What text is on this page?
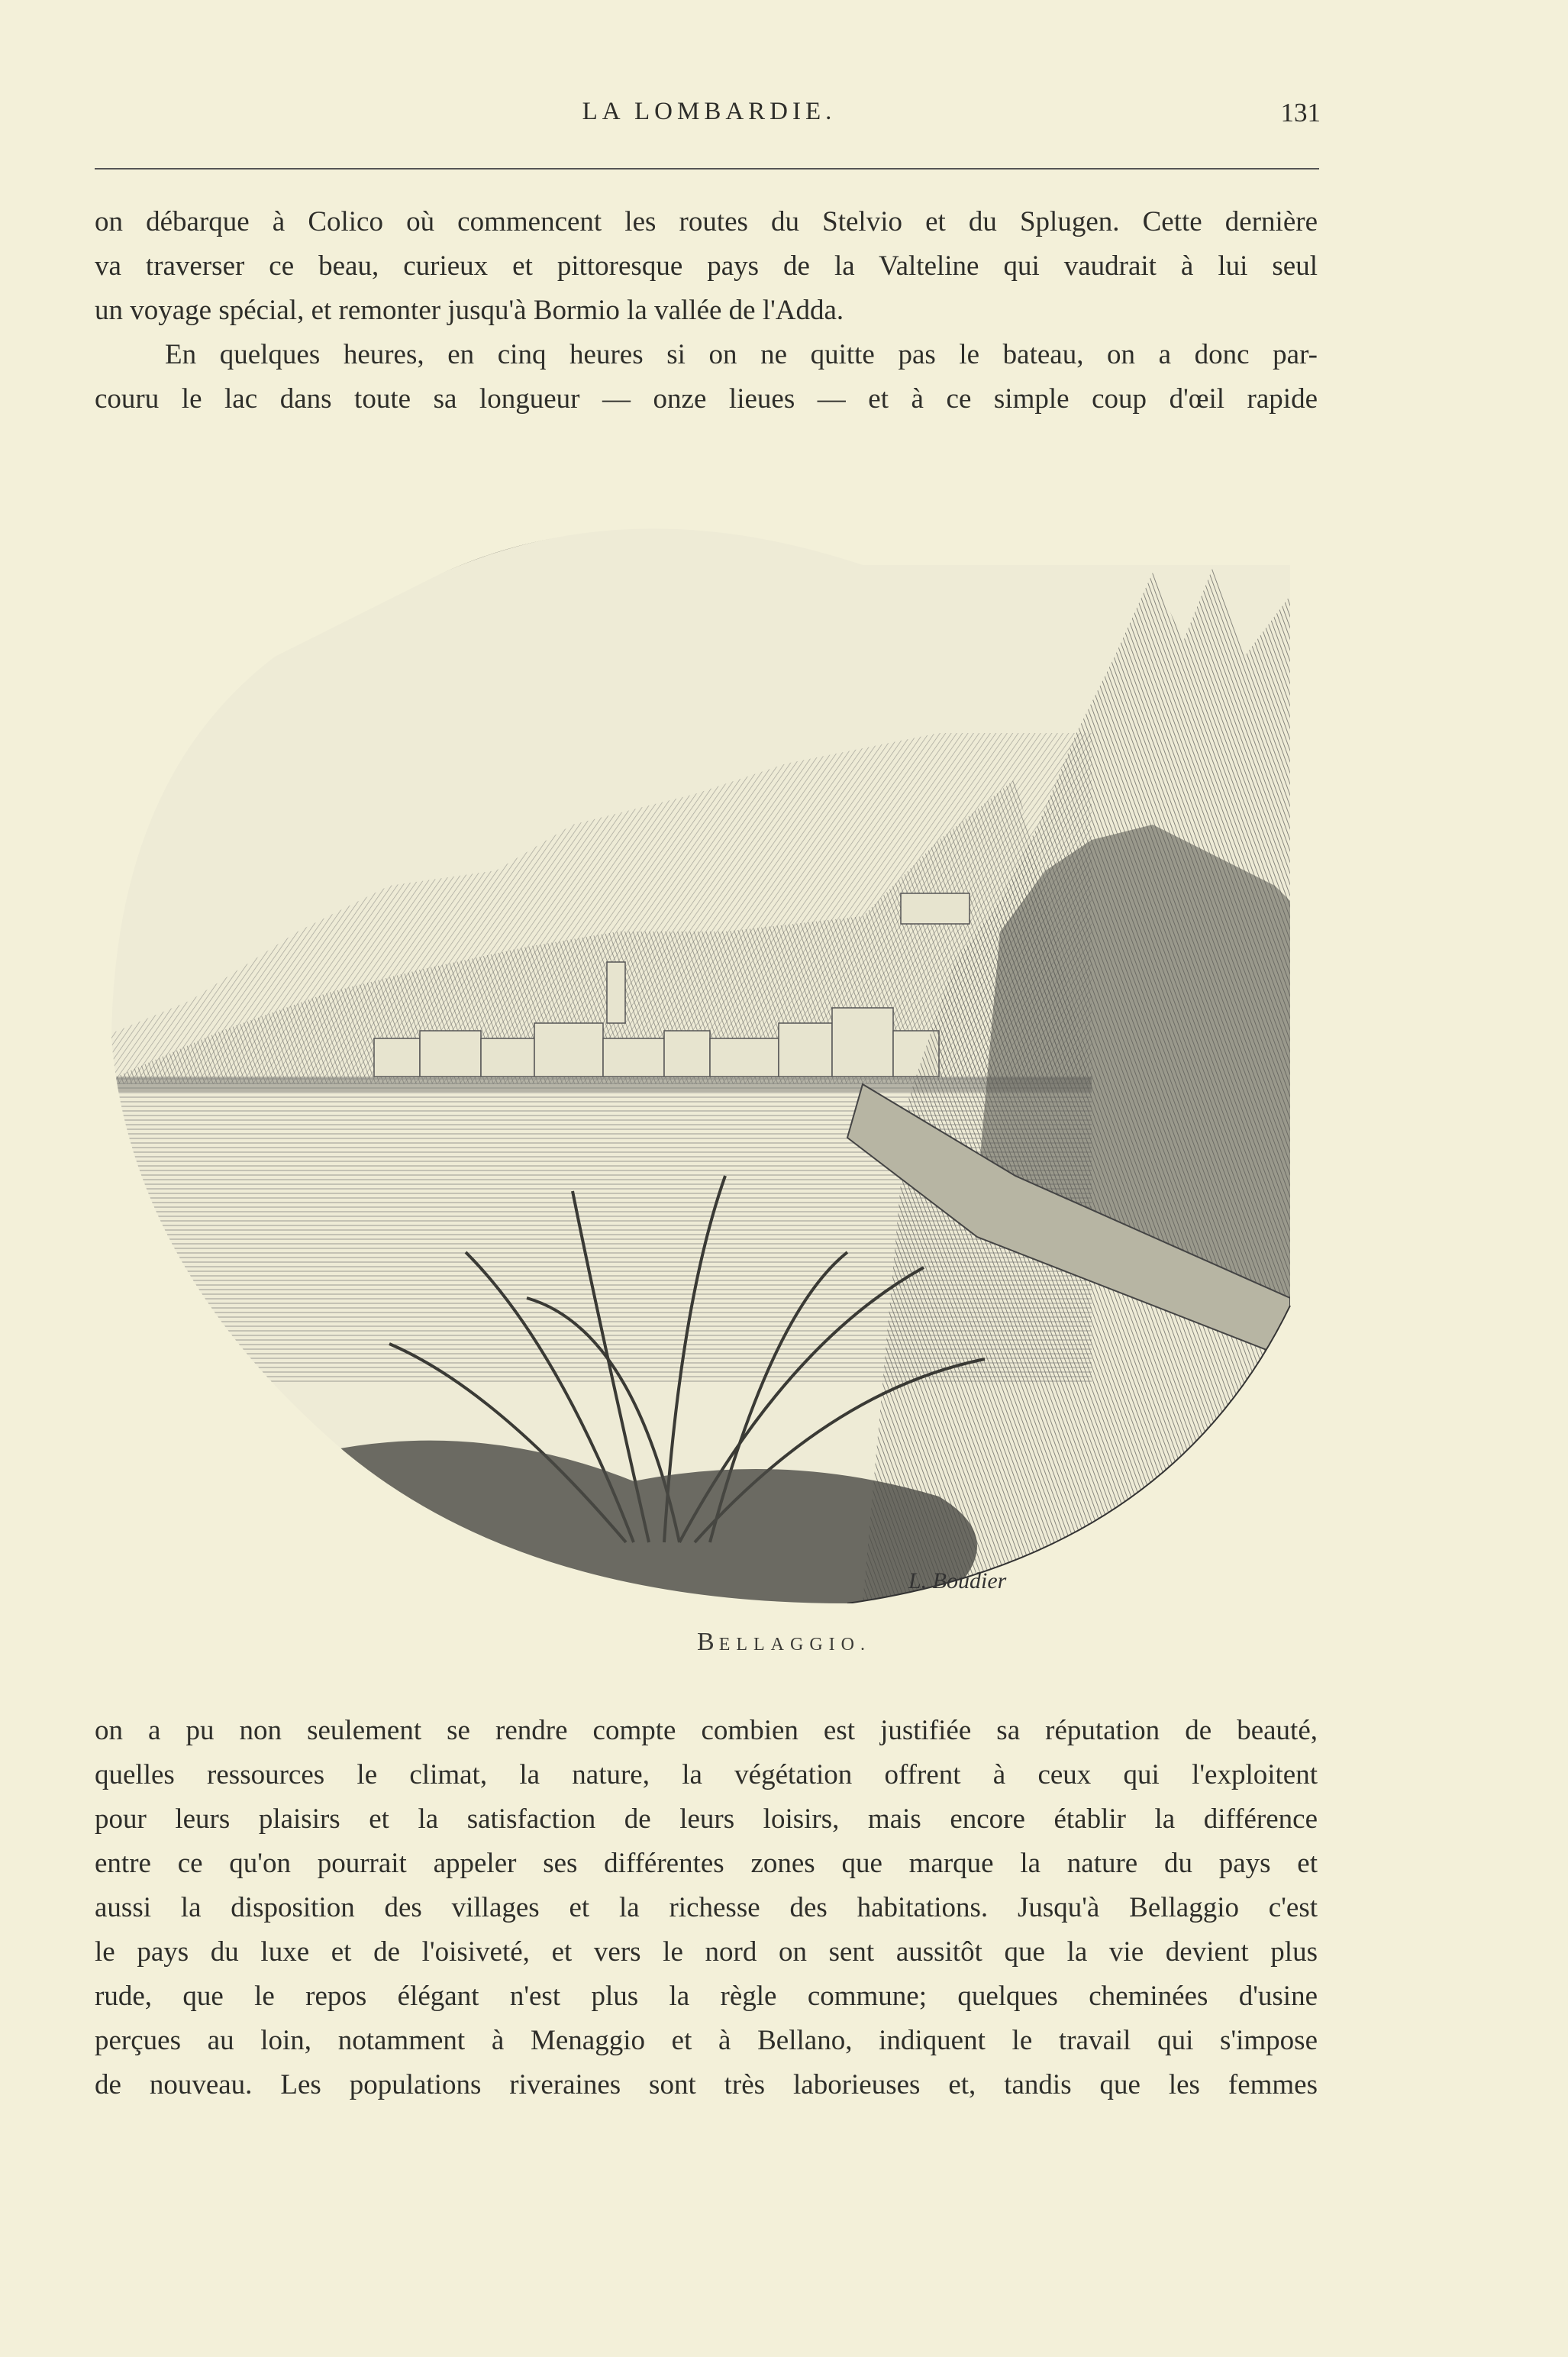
LA LOMBARDIE.	131
on débarque à Colico où commencent les routes du Stelvio et du Splugen. Cette dernière
va traverser ce beau, curieux et pittoresque pays de la Valteline qui vaudrait à lui seul
un voyage spécial, et remonter jusqu'à Bormio la vallée de l'Adda.
En quelques heures, en cinq heures si on ne quitte pas le bateau, on a donc par-
couru le lac dans toute sa longueur — onze lieues — et à ce simple coup d'œil rapide
L. Boudier
BELLAGGIO.
on a pu non seulement se rendre compte combien est justifiée sa réputation de beauté,
quelles ressources le climat, la nature, la végétation offrent à ceux qui l'exploitent
pour leurs plaisirs et la satisfaction de leurs loisirs, mais encore établir la différence
entre ce qu'on pourrait appeler ses différentes zones que marque la nature du pays et
aussi la disposition des villages et la richesse des habitations. Jusqu'à Bellaggio c'est
le pays du luxe et de l'oisiveté, et vers le nord on sent aussitôt que la vie devient plus
rude, que le repos élégant n'est plus la règle commune; quelques cheminées d'usine
perçues au loin, notamment à Menaggio et à Bellano, indiquent le travail qui s'impose
de nouveau. Les populations riveraines sont très laborieuses et, tandis que les femmes
